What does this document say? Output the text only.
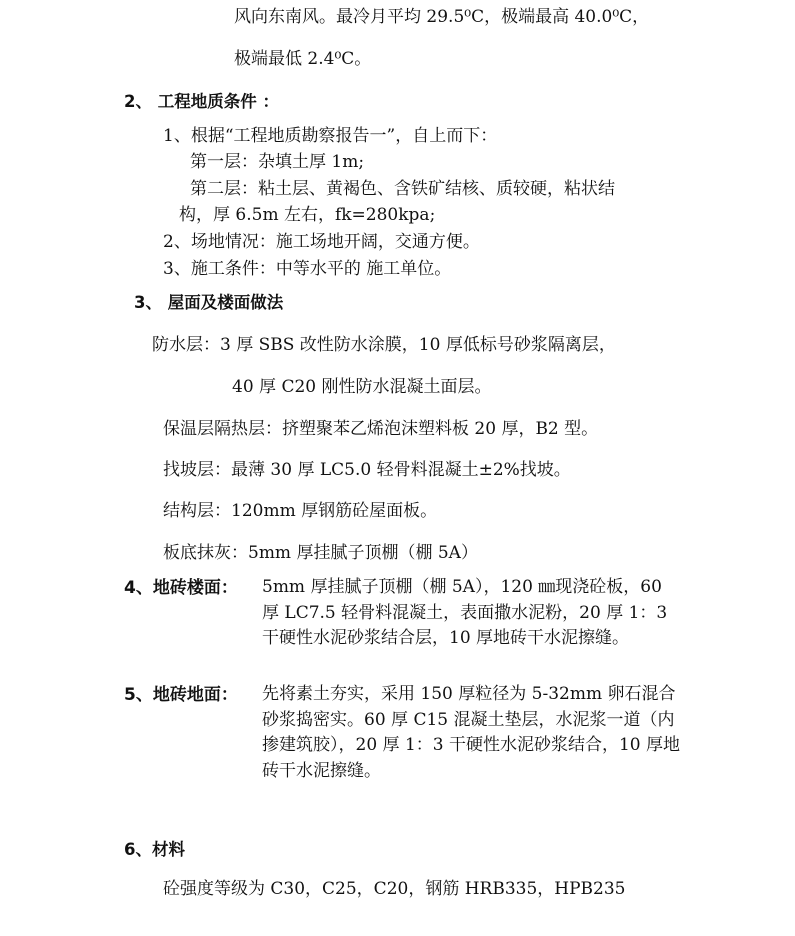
风向东南风。最冷月平均 29.5⁰C，极端最高 40.0⁰C，
极端最低 2.4⁰C。
2、 工程地质条件 ：
1、根据“工程地质勘察报告一”，自上而下：
第一层：杂填土厚 1m;
第二层：粘土层、黄褐色、含铁矿结核、质较硬，粘状结
构，厚 6.5m 左右，fk=280kpa;
2、场地情况：施工场地开阔，交通方便。
3、施工条件：中等水平的 施工单位。
3、 屋面及楼面做法
防水层：3 厚 SBS 改性防水涂膜，10 厚低标号砂浆隔离层，
40 厚 C20 刚性防水混凝土面层。
保温层隔热层：挤塑聚苯乙烯泡沫塑料板 20 厚，B2 型。
找坡层：最薄 30 厚 LC5.0 轻骨料混凝土±2%找坡。
结构层：120mm 厚钢筋砼屋面板。
板底抹灰：5mm 厚挂腻子顶棚（棚 5A）
4、地砖楼面： 5mm 厚挂腻子顶棚（棚 5A），120 ㎜现浇砼板，60 厚 LC7.5 轻骨料混凝土，表面撒水泥粉，20 厚 1：3 干硬性水泥砂浆结合层，10 厚地砖干水泥擦缝。
5、地砖地面： 先将素土夯实，采用 150 厚粒径为 5-32mm 卵石混合砂浆捣密实。60 厚 C15 混凝土垫层，水泥浆一道（内掺建筑胶），20 厚 1：3 干硬性水泥砂浆结合，10 厚地砖干水泥擦缝。
6、材料
砼强度等级为 C30，C25，C20，钢筋 HRB335，HPB235
